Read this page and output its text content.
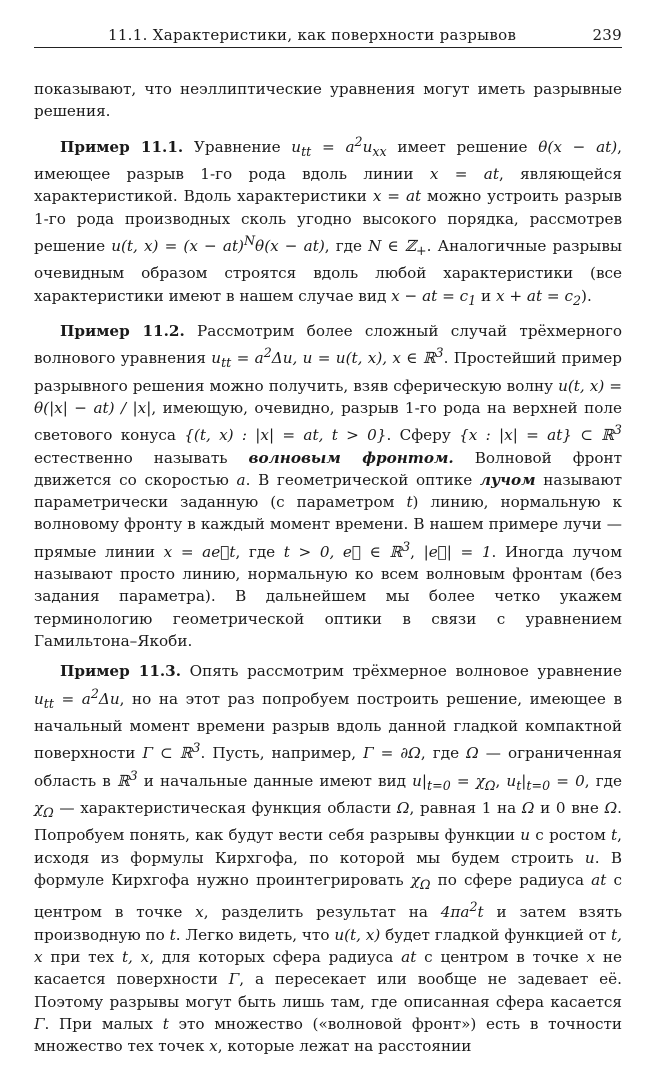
11.1. Характеристики, как поверхности разрывов	239

показывают, что неэллиптические уравнения могут иметь разрывные решения.

Пример 11.1. Уравнение $u_{tt} = a^2u_{xx}$ имеет решение θ(x − at), имеющее разрыв 1-го рода вдоль линии x = at, являющейся характеристикой. Вдоль характеристики x = at можно устроить разрыв 1-го рода производных сколь угодно высокого порядка, рассмотрев решение u(t, x) = (x − at)$^N$θ(x − at), где N ∈ ℤ$_+$. Аналогичные разрывы очевидным образом строятся вдоль любой характеристики (все характеристики имеют в нашем случае вид x − at = $c_1$ и x + at = $c_2$).

Пример 11.2. Рассмотрим более сложный случай трёхмерного волнового уравнения $u_{tt} = a^2\Delta u$, u = u(t, x), x ∈ ℝ$^3$. Простейший пример разрывного решения можно получить, взяв сферическую волну u(t, x) = θ(|x| − at) / |x|, имеющую, очевидно, разрыв 1-го рода на верхней поле светового конуса {(t, x) : |x| = at, t > 0}. Сферу {x : |x| = at} ⊂ ℝ$^3$ естественно называть волновым фронтом. Волновой фронт движется со скоростью a. В геометрической оптике лучом называют параметрически заданную (с параметром t) линию, нормальную к волновому фронту в каждый момент времени. В нашем примере лучи — прямые линии x = ae⃗t, где t > 0, e⃗ ∈ ℝ$^3$, |e⃗| = 1. Иногда лучом называют просто линию, нормальную ко всем волновым фронтам (без задания параметра). В дальнейшем мы более четко укажем терминологию геометрической оптики в связи с уравнением Гамильтона–Якоби.

Пример 11.3. Опять рассмотрим трёхмерное волновое уравнение $u_{tt} = a^2\Delta u$, но на этот раз попробуем построить решение, имеющее в начальный момент времени разрыв вдоль данной гладкой компактной поверхности Γ ⊂ ℝ$^3$. Пусть, например, Γ = ∂Ω, где Ω — ограниченная область в ℝ$^3$ и начальные данные имеют вид $u|_{t=0} = \chi_\Omega$, $u_t|_{t=0} = 0$, где $\chi_\Omega$ — характеристическая функция области Ω, равная 1 на Ω и 0 вне Ω. Попробуем понять, как будут вести себя разрывы функции u с ростом t, исходя из формулы Кирхгофа, по которой мы будем строить u. В формуле Кирхгофа нужно проинтегрировать $\chi_\Omega$ по сфере радиуса at с центром в точке x, разделить результат на $4\pi a^2t$ и затем взять производную по t. Легко видеть, что u(t, x) будет гладкой функцией от t, x при тех t, x, для которых сфера радиуса at с центром в точке x не касается поверхности Γ, а пересекает или вообще не задевает её. Поэтому разрывы могут быть лишь там, где описанная сфера касается Γ. При малых t это множество («волновой фронт») есть в точности множество тех точек x, которые лежат на расстоянии
